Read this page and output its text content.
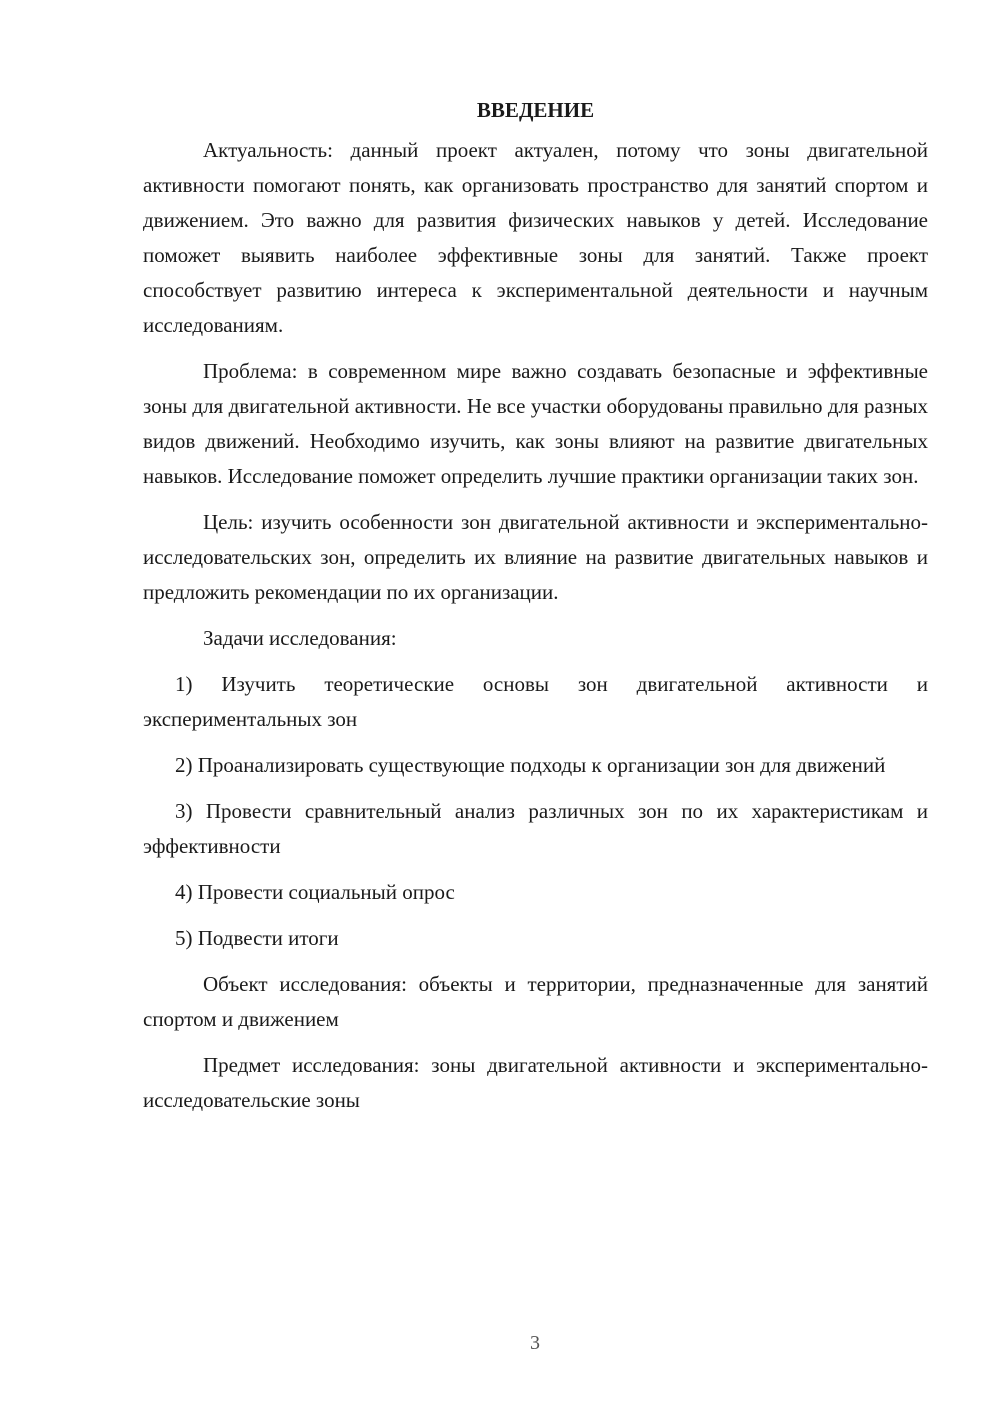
ВВЕДЕНИЕ

Актуальность: данный проект актуален, потому что зоны двигательной активности помогают понять, как организовать пространство для занятий спортом и движением. Это важно для развития физических навыков у детей. Исследование поможет выявить наиболее эффективные зоны для занятий. Также проект способствует развитию интереса к экспериментальной деятельности и научным исследованиям.

Проблема: в современном мире важно создавать безопасные и эффективные зоны для двигательной активности. Не все участки оборудованы правильно для разных видов движений. Необходимо изучить, как зоны влияют на развитие двигательных навыков. Исследование поможет определить лучшие практики организации таких зон.

Цель: изучить особенности зон двигательной активности и экспериментально-исследовательских зон, определить их влияние на развитие двигательных навыков и предложить рекомендации по их организации.

Задачи исследования:

1) Изучить теоретические основы зон двигательной активности и экспериментальных зон

2) Проанализировать существующие подходы к организации зон для движений

3) Провести сравнительный анализ различных зон по их характеристикам и эффективности

4) Провести социальный опрос

5) Подвести итоги

Объект исследования: объекты и территории, предназначенные для занятий спортом и движением

Предмет исследования: зоны двигательной активности и экспериментально-исследовательские зоны

3
